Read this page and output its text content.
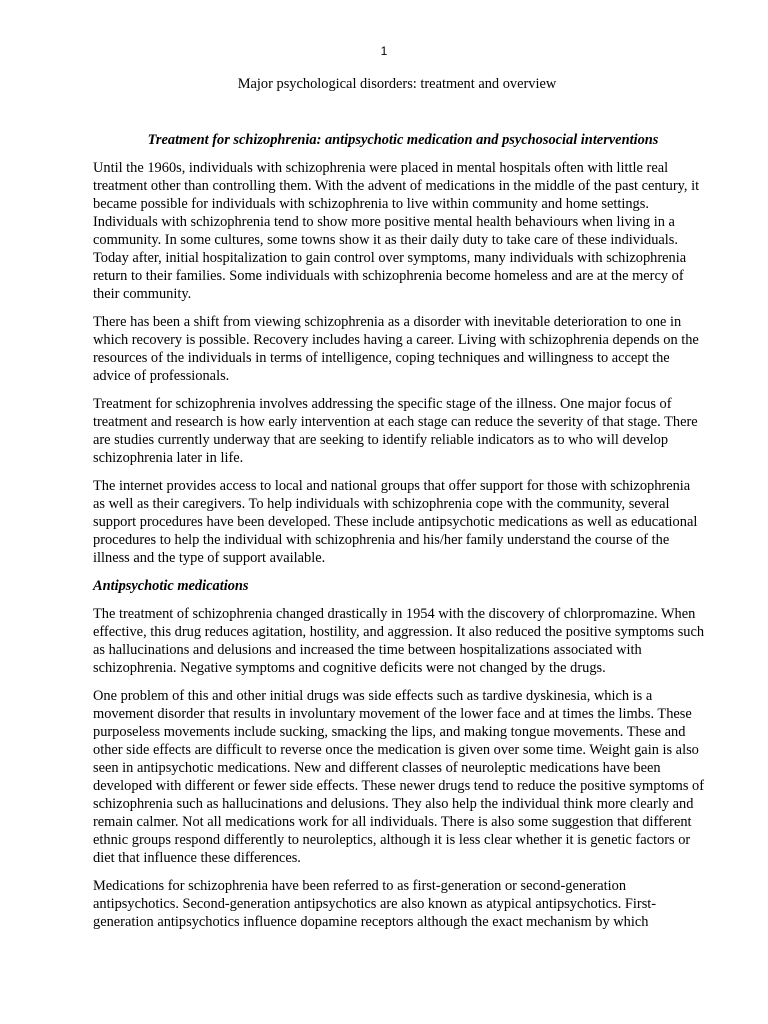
1
Major psychological disorders: treatment and overview
Treatment for schizophrenia: antipsychotic medication and psychosocial interventions

Until the 1960s, individuals with schizophrenia were placed in mental hospitals often with little real treatment other than controlling them. With the advent of medications in the middle of the past century, it became possible for individuals with schizophrenia to live within community and home settings. Individuals with schizophrenia tend to show more positive mental health behaviours when living in a community. In some cultures, some towns show it as their daily duty to take care of these individuals. Today after, initial hospitalization to gain control over symptoms, many individuals with schizophrenia return to their families. Some individuals with schizophrenia become homeless and are at the mercy of their community.

There has been a shift from viewing schizophrenia as a disorder with inevitable deterioration to one in which recovery is possible. Recovery includes having a career. Living with schizophrenia depends on the resources of the individuals in terms of intelligence, coping techniques and willingness to accept the advice of professionals.

Treatment for schizophrenia involves addressing the specific stage of the illness. One major focus of treatment and research is how early intervention at each stage can reduce the severity of that stage. There are studies currently underway that are seeking to identify reliable indicators as to who will develop schizophrenia later in life.

The internet provides access to local and national groups that offer support for those with schizophrenia as well as their caregivers. To help individuals with schizophrenia cope with the community, several support procedures have been developed. These include antipsychotic medications as well as educational procedures to help the individual with schizophrenia and his/her family understand the course of the illness and the type of support available.

Antipsychotic medications

The treatment of schizophrenia changed drastically in 1954 with the discovery of chlorpromazine. When effective, this drug reduces agitation, hostility, and aggression. It also reduced the positive symptoms such as hallucinations and delusions and increased the time between hospitalizations associated with schizophrenia. Negative symptoms and cognitive deficits were not changed by the drugs.

One problem of this and other initial drugs was side effects such as tardive dyskinesia, which is a movement disorder that results in involuntary movement of the lower face and at times the limbs. These purposeless movements include sucking, smacking the lips, and making tongue movements. These and other side effects are difficult to reverse once the medication is given over some time. Weight gain is also seen in antipsychotic medications. New and different classes of neuroleptic medications have been developed with different or fewer side effects. These newer drugs tend to reduce the positive symptoms of schizophrenia such as hallucinations and delusions. They also help the individual think more clearly and remain calmer. Not all medications work for all individuals. There is also some suggestion that different ethnic groups respond differently to neuroleptics, although it is less clear whether it is genetic factors or diet that influence these differences.

Medications for schizophrenia have been referred to as first-generation or second-generation antipsychotics. Second-generation antipsychotics are also known as atypical antipsychotics. First-generation antipsychotics influence dopamine receptors although the exact mechanism by which
